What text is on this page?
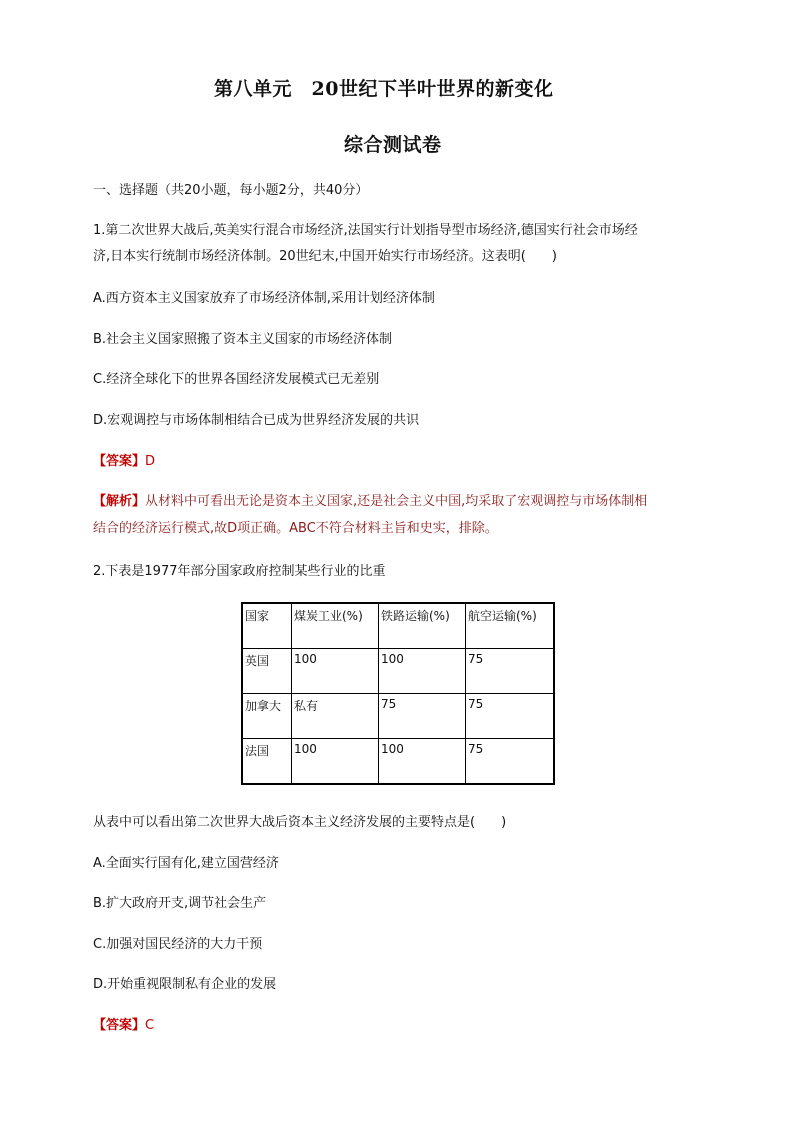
第八单元　20世纪下半叶世界的新变化
综合测试卷
一、选择题（共20小题，每小题2分，共40分）
1.第二次世界大战后,英美实行混合市场经济,法国实行计划指导型市场经济,德国实行社会市场经
济,日本实行统制市场经济体制。20世纪末,中国开始实行市场经济。这表明(　　)
A.西方资本主义国家放弃了市场经济体制,采用计划经济体制
B.社会主义国家照搬了资本主义国家的市场经济体制
C.经济全球化下的世界各国经济发展模式已无差别
D.宏观调控与市场体制相结合已成为世界经济发展的共识
【答案】D
【解析】从材料中可看出无论是资本主义国家,还是社会主义中国,均采取了宏观调控与市场体制相
结合的经济运行模式,故D项正确。ABC不符合材料主旨和史实，排除。
2.下表是1977年部分国家政府控制某些行业的比重
国家	煤炭工业(%)	铁路运输(%)	航空运输(%)
英国	100	100	75
加拿大	私有	75	75
法国	100	100	75
从表中可以看出第二次世界大战后资本主义经济发展的主要特点是(　　)
A.全面实行国有化,建立国营经济
B.扩大政府开支,调节社会生产
C.加强对国民经济的大力干预
D.开始重视限制私有企业的发展
【答案】C
